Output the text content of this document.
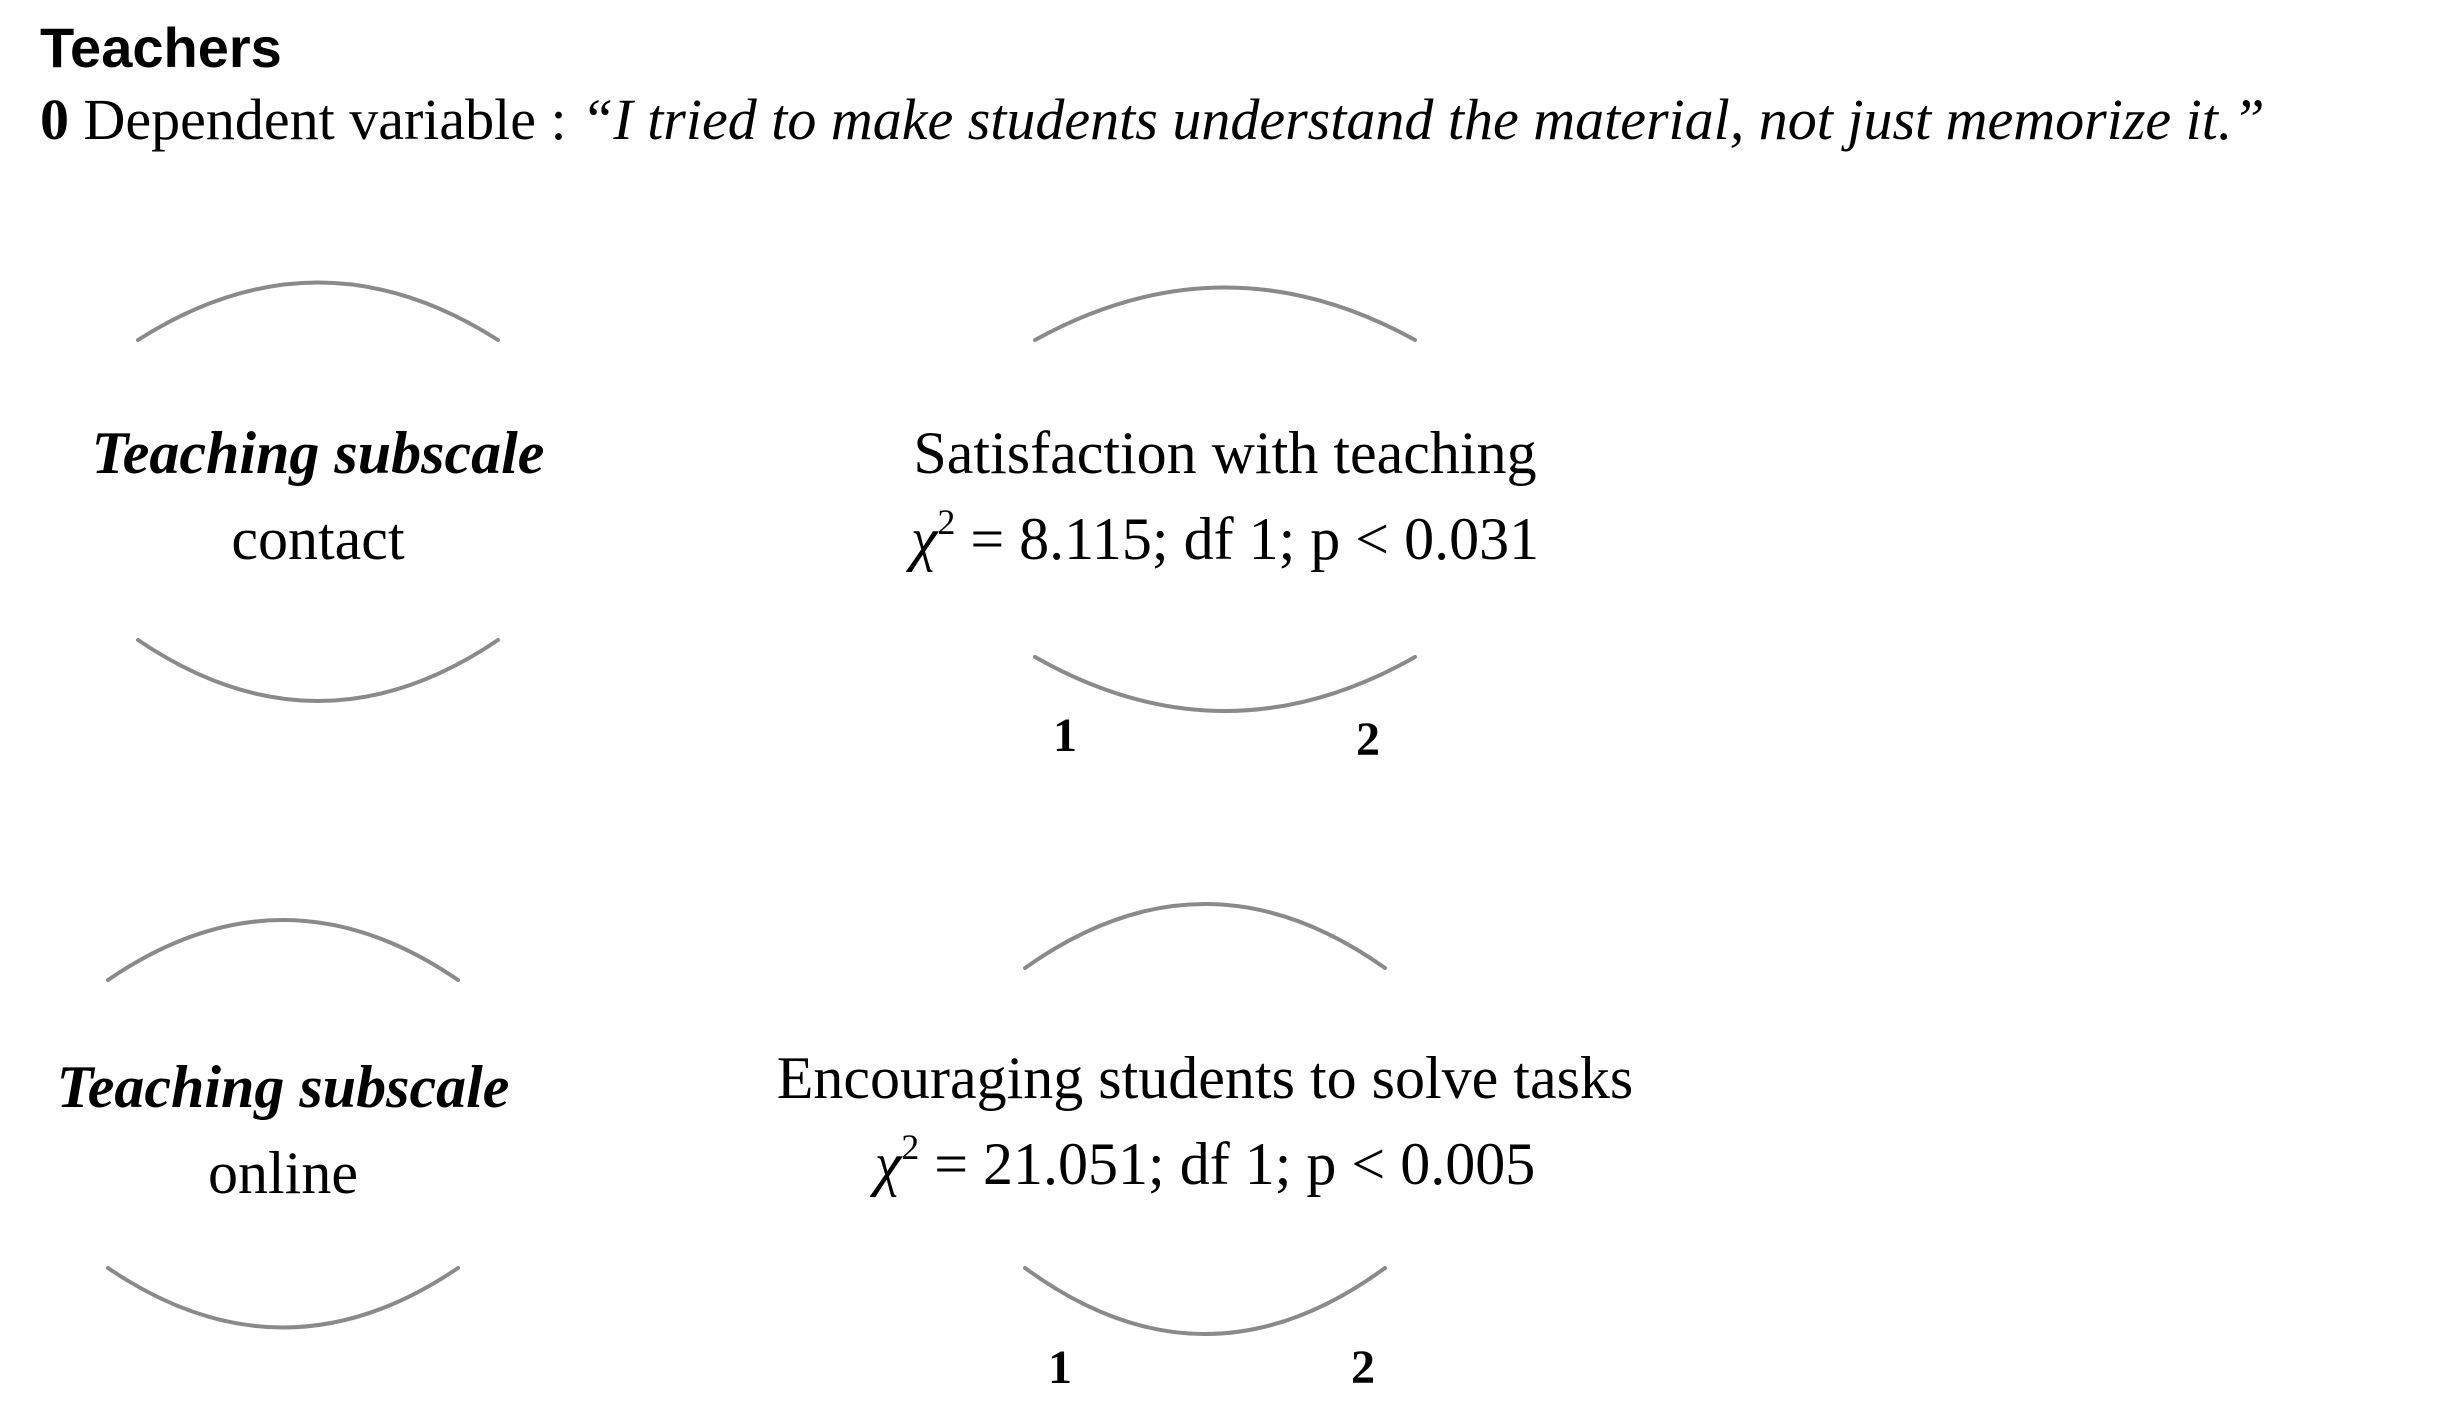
Teachers
0 Dependent variable : “I tried to make students understand the material, not just memorize it.”
Teaching subscale
contact
Satisfaction with teaching
$\chi^2 = 8.115$; df 1; p < 0.031
1	2
Teaching subscale
online
Encouraging students to solve tasks
$\chi^2 = 21.051$; df 1; p < 0.005
1	2
